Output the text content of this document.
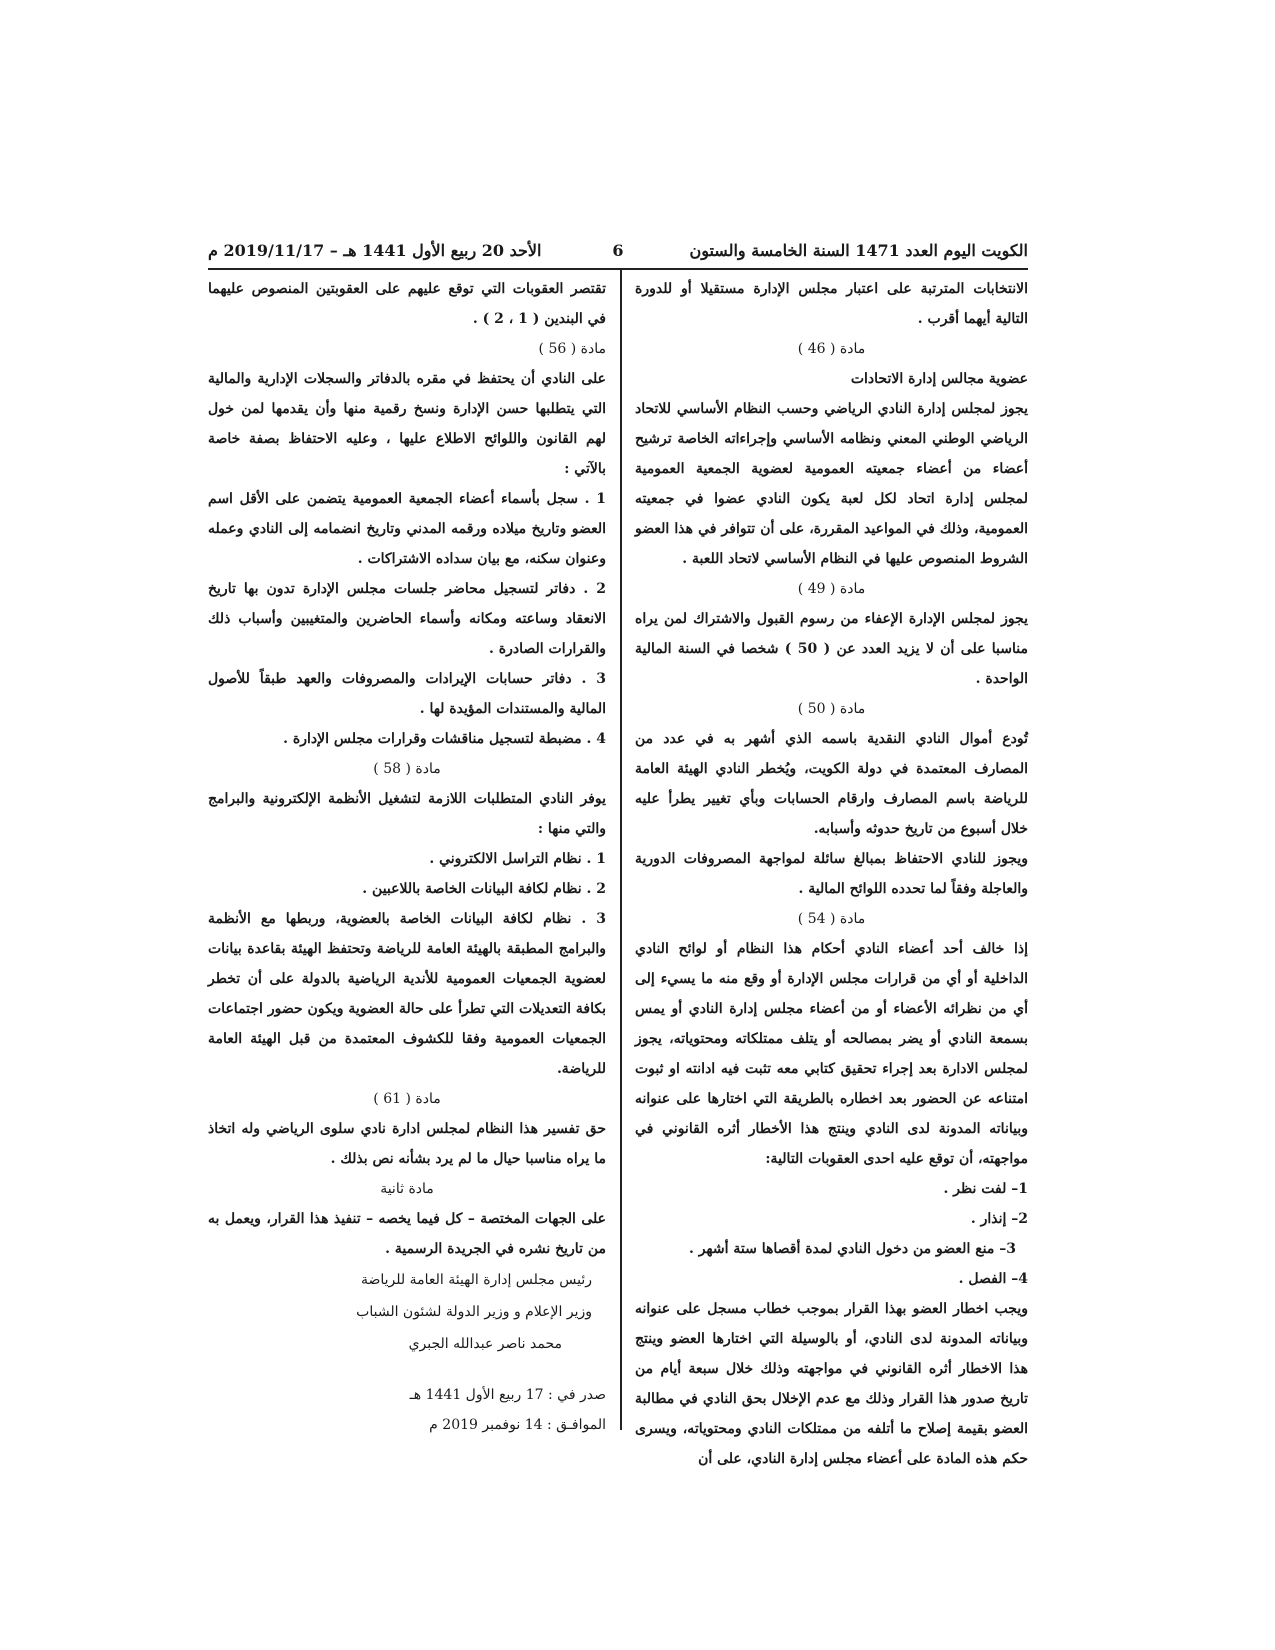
الكويت اليوم العدد 1471 السنة الخامسة والستون
6
الأحد 20 ربيع الأول 1441 هـ – 2019/11/17 م

الانتخابات المترتبة على اعتبار مجلس الإدارة مستقيلا أو للدورة التالية أيهما أقرب .

مادة ( 46 )

عضوية مجالس إدارة الاتحادات

يجوز لمجلس إدارة النادي الرياضي وحسب النظام الأساسي للاتحاد الرياضي الوطني المعني ونظامه الأساسي وإجراءاته الخاصة ترشيح أعضاء من أعضاء جمعيته العمومية لعضوية الجمعية العمومية لمجلس إدارة اتحاد لكل لعبة يكون النادي عضوا في جمعيته العمومية، وذلك في المواعيد المقررة، على أن تتوافر في هذا العضو الشروط المنصوص عليها في النظام الأساسي لاتحاد اللعبة .

مادة ( 49 )

يجوز لمجلس الإدارة الإعفاء من رسوم القبول والاشتراك لمن يراه مناسبا على أن لا يزيد العدد عن ( 50 ) شخصا في السنة المالية الواحدة .

مادة ( 50 )

تُودع أموال النادي النقدية باسمه الذي أشهر به في عدد من المصارف المعتمدة في دولة الكويت، ويُخطر النادي الهيئة العامة للرياضة باسم المصارف وارقام الحسابات وبأي تغيير يطرأ عليه خلال أسبوع من تاريخ حدوثه وأسبابه.

ويجوز للنادي الاحتفاظ بمبالغ سائلة لمواجهة المصروفات الدورية والعاجلة وفقاً لما تحدده اللوائح المالية .

مادة ( 54 )

إذا خالف أحد أعضاء النادي أحكام هذا النظام أو لوائح النادي الداخلية أو أي من قرارات مجلس الإدارة أو وقع منه ما يسيء إلى أي من نظرائه الأعضاء أو من أعضاء مجلس إدارة النادي أو يمس بسمعة النادي أو يضر بمصالحه أو يتلف ممتلكاته ومحتوياته، يجوز لمجلس الادارة بعد إجراء تحقيق كتابي معه تثبت فيه ادانته او ثبوت امتناعه عن الحضور بعد اخطاره بالطريقة التي اختارها على عنوانه وبياناته المدونة لدى النادي وينتج هذا الأخطار أثره القانوني في مواجهته، أن توقع عليه احدى العقوبات التالية:

1– لفت نظر .

2– إنذار .

3– منع العضو من دخول النادي لمدة أقصاها ستة أشهر .

4– الفصل .

ويجب اخطار العضو بهذا القرار بموجب خطاب مسجل على عنوانه وبياناته المدونة لدى النادي، أو بالوسيلة التي اختارها العضو وينتج هذا الاخطار أثره القانوني في مواجهته وذلك خلال سبعة أيام من تاريخ صدور هذا القرار وذلك مع عدم الإخلال بحق النادي في مطالبة العضو بقيمة إصلاح ما أتلفه من ممتلكات النادي ومحتوياته، ويسرى حكم هذه المادة على أعضاء مجلس إدارة النادي، على أن

تقتصر العقوبات التي توقع عليهم على العقوبتين المنصوص عليهما في البندين ( 1 ، 2 ) .

مادة ( 56 )

على النادي أن يحتفظ في مقره بالدفاتر والسجلات الإدارية والمالية التي يتطلبها حسن الإدارة ونسخ رقمية منها وأن يقدمها لمن خول لهم القانون واللوائح الاطلاع عليها ، وعليه الاحتفاظ بصفة خاصة بالآتي :

1 . سجل بأسماء أعضاء الجمعية العمومية يتضمن على الأقل اسم العضو وتاريخ ميلاده ورقمه المدني وتاريخ انضمامه إلى النادي وعمله وعنوان سكنه، مع بيان سداده الاشتراكات .

2 . دفاتر لتسجيل محاضر جلسات مجلس الإدارة تدون بها تاريخ الانعقاد وساعته ومكانه وأسماء الحاضرين والمتغيبين وأسباب ذلك والقرارات الصادرة .

3 . دفاتر حسابات الإيرادات والمصروفات والعهد طبقاً للأصول المالية والمستندات المؤيدة لها .

4 . مضبطة لتسجيل مناقشات وقرارات مجلس الإدارة .

مادة ( 58 )

يوفر النادي المتطلبات اللازمة لتشغيل الأنظمة الإلكترونية والبرامج والتي منها :

1 . نظام التراسل الالكتروني .

2 . نظام لكافة البيانات الخاصة باللاعبين .

3 . نظام لكافة البيانات الخاصة بالعضوية، وربطها مع الأنظمة والبرامج المطبقة بالهيئة العامة للرياضة وتحتفظ الهيئة بقاعدة بيانات لعضوية الجمعيات العمومية للأندية الرياضية بالدولة على أن تخطر بكافة التعديلات التي تطرأ على حالة العضوية ويكون حضور اجتماعات الجمعيات العمومية وفقا للكشوف المعتمدة من قبل الهيئة العامة للرياضة.

مادة ( 61 )

حق تفسير هذا النظام لمجلس ادارة نادي سلوى الرياضي وله اتخاذ ما يراه مناسبا حيال ما لم يرد بشأنه نص بذلك .

مادة ثانية

على الجهات المختصة – كل فيما يخصه – تنفيذ هذا القرار، ويعمل به من تاريخ نشره في الجريدة الرسمية .

رئيس مجلس إدارة الهيئة العامة للرياضة

وزير الإعلام و وزير الدولة لشئون الشباب

محمد ناصر عبدالله الجبري

صدر في : 17 ربيع الأول 1441 هـ

الموافـق : 14 نوفمبر 2019 م
